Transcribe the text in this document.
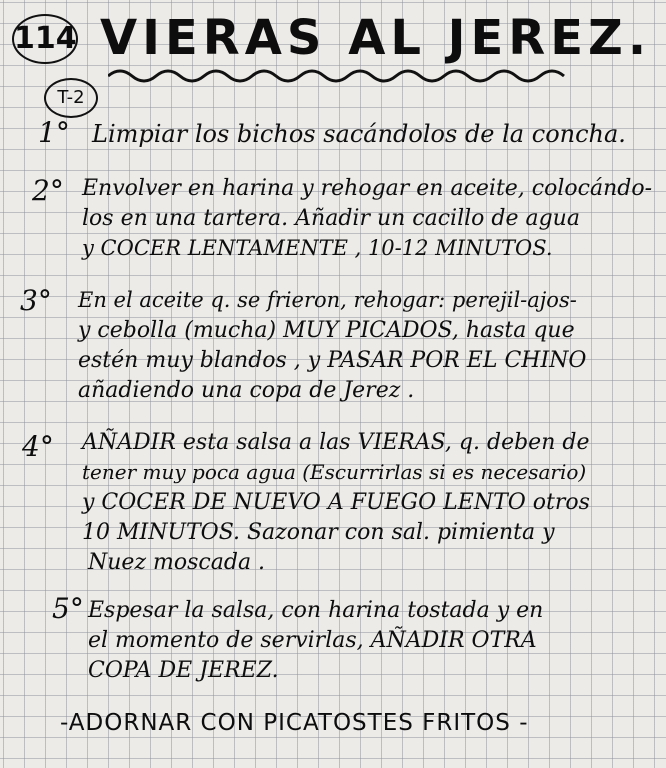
114 VIERAS AL JEREZ.
T-2
1° Limpiar los bichos sacándolos de la concha.
2° Envolver en harina y rehogar en aceite, colocándo-
los en una tartera. Añadir un cacillo de agua
y COCER LENTAMENTE , 10-12 MINUTOS.
3° En el aceite q. se frieron, rehogar: perejil-ajos-
y cebolla (mucha) MUY PICADOS, hasta que
estén muy blandos , y PASAR POR EL CHINO
añadiendo una copa de Jerez .
4° AÑADIR esta salsa a las VIERAS, q. deben de
tener muy poca agua (Escurrirlas si es necesario)
y COCER DE NUEVO A FUEGO LENTO otros
10 MINUTOS. Sazonar con sal. pimienta y
Nuez moscada .
5° Espesar la salsa, con harina tostada y en
el momento de servirlas, AÑADIR OTRA
COPA DE JEREZ.
-ADORNAR CON PICATOSTES FRITOS -
